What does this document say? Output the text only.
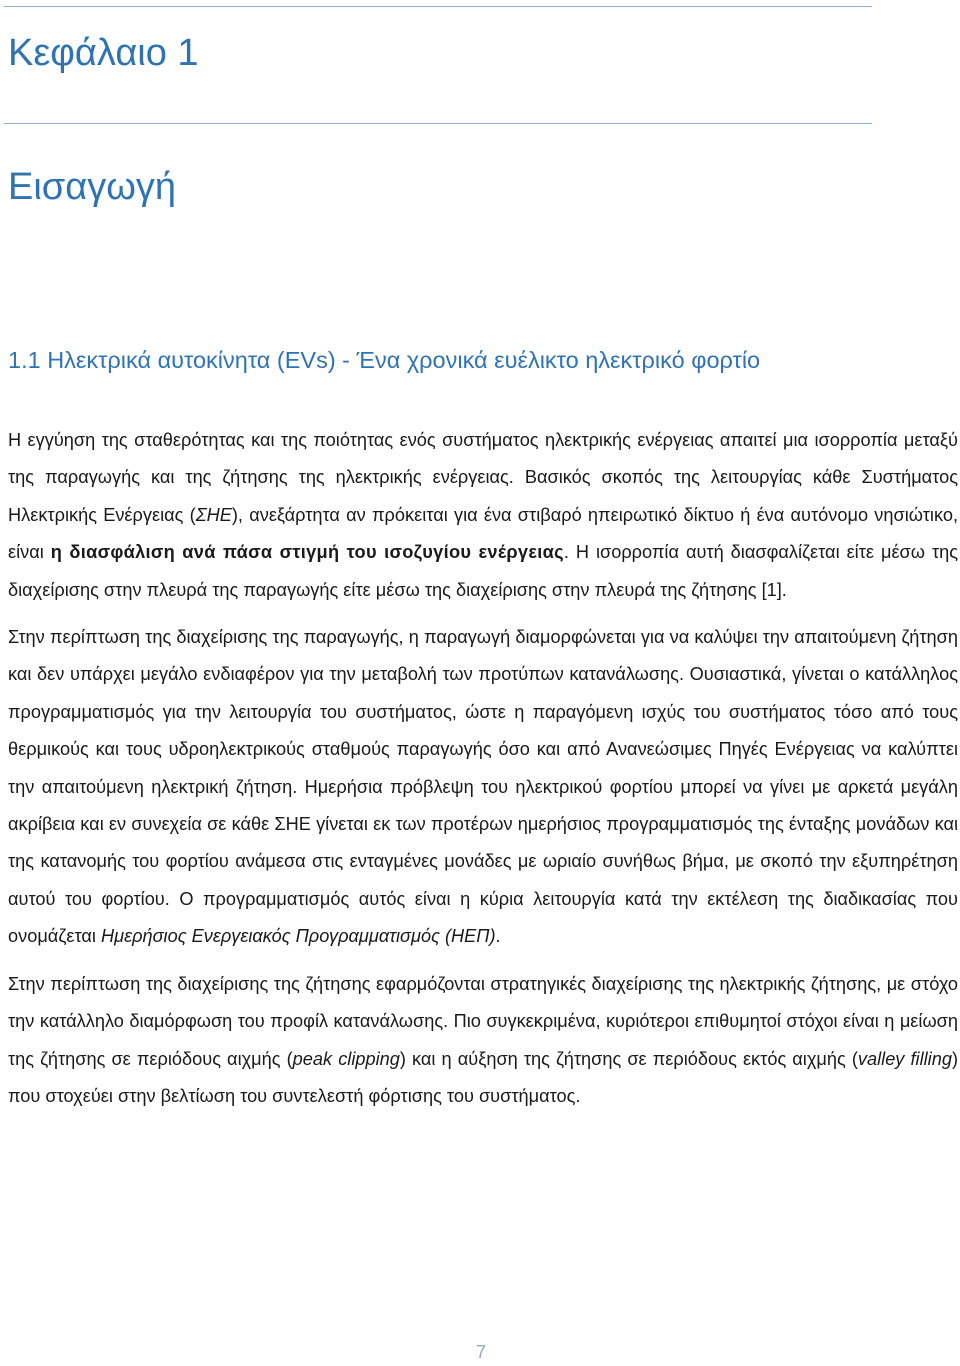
Κεφάλαιο 1
Εισαγωγή
1.1 Ηλεκτρικά αυτοκίνητα (EVs) - Ένα χρονικά ευέλικτο ηλεκτρικό φορτίο

Η εγγύηση της σταθερότητας και της ποιότητας ενός συστήματος ηλεκτρικής ενέργειας απαιτεί μια ισορροπία μεταξύ της παραγωγής και της ζήτησης της ηλεκτρικής ενέργειας. Βασικός σκοπός της λειτουργίας κάθε Συστήματος Ηλεκτρικής Ενέργειας (ΣΗΕ), ανεξάρτητα αν πρόκειται για ένα στιβαρό ηπειρωτικό δίκτυο ή ένα αυτόνομο νησιώτικο, είναι η διασφάλιση ανά πάσα στιγμή του ισοζυγίου ενέργειας. Η ισορροπία αυτή διασφαλίζεται είτε μέσω της διαχείρισης στην πλευρά της παραγωγής είτε μέσω της διαχείρισης στην πλευρά της ζήτησης [1].

Στην περίπτωση της διαχείρισης της παραγωγής, η παραγωγή διαμορφώνεται για να καλύψει την απαιτούμενη ζήτηση και δεν υπάρχει μεγάλο ενδιαφέρον για την μεταβολή των προτύπων κατανάλωσης. Ουσιαστικά, γίνεται ο κατάλληλος προγραμματισμός για την λειτουργία του συστήματος, ώστε η παραγόμενη ισχύς του συστήματος τόσο από τους θερμικούς και τους υδροηλεκτρικούς σταθμούς παραγωγής όσο και από Ανανεώσιμες Πηγές Ενέργειας να καλύπτει την απαιτούμενη ηλεκτρική ζήτηση. Ημερήσια πρόβλεψη του ηλεκτρικού φορτίου μπορεί να γίνει με αρκετά μεγάλη ακρίβεια και εν συνεχεία σε κάθε ΣΗΕ γίνεται εκ των προτέρων ημερήσιος προγραμματισμός της ένταξης μονάδων και της κατανομής του φορτίου ανάμεσα στις ενταγμένες μονάδες με ωριαίο συνήθως βήμα, με σκοπό την εξυπηρέτηση αυτού του φορτίου. Ο προγραμματισμός αυτός είναι η κύρια λειτουργία κατά την εκτέλεση της διαδικασίας που ονομάζεται Ημερήσιος Ενεργειακός Προγραμματισμός (ΗΕΠ).

Στην περίπτωση της διαχείρισης της ζήτησης εφαρμόζονται στρατηγικές διαχείρισης της ηλεκτρικής ζήτησης, με στόχο την κατάλληλο διαμόρφωση του προφίλ κατανάλωσης. Πιο συγκεκριμένα, κυριότεροι επιθυμητοί στόχοι είναι η μείωση της ζήτησης σε περιόδους αιχμής (peak clipping) και η αύξηση της ζήτησης σε περιόδους εκτός αιχμής (valley filling) που στοχεύει στην βελτίωση του συντελεστή φόρτισης του συστήματος.

7
